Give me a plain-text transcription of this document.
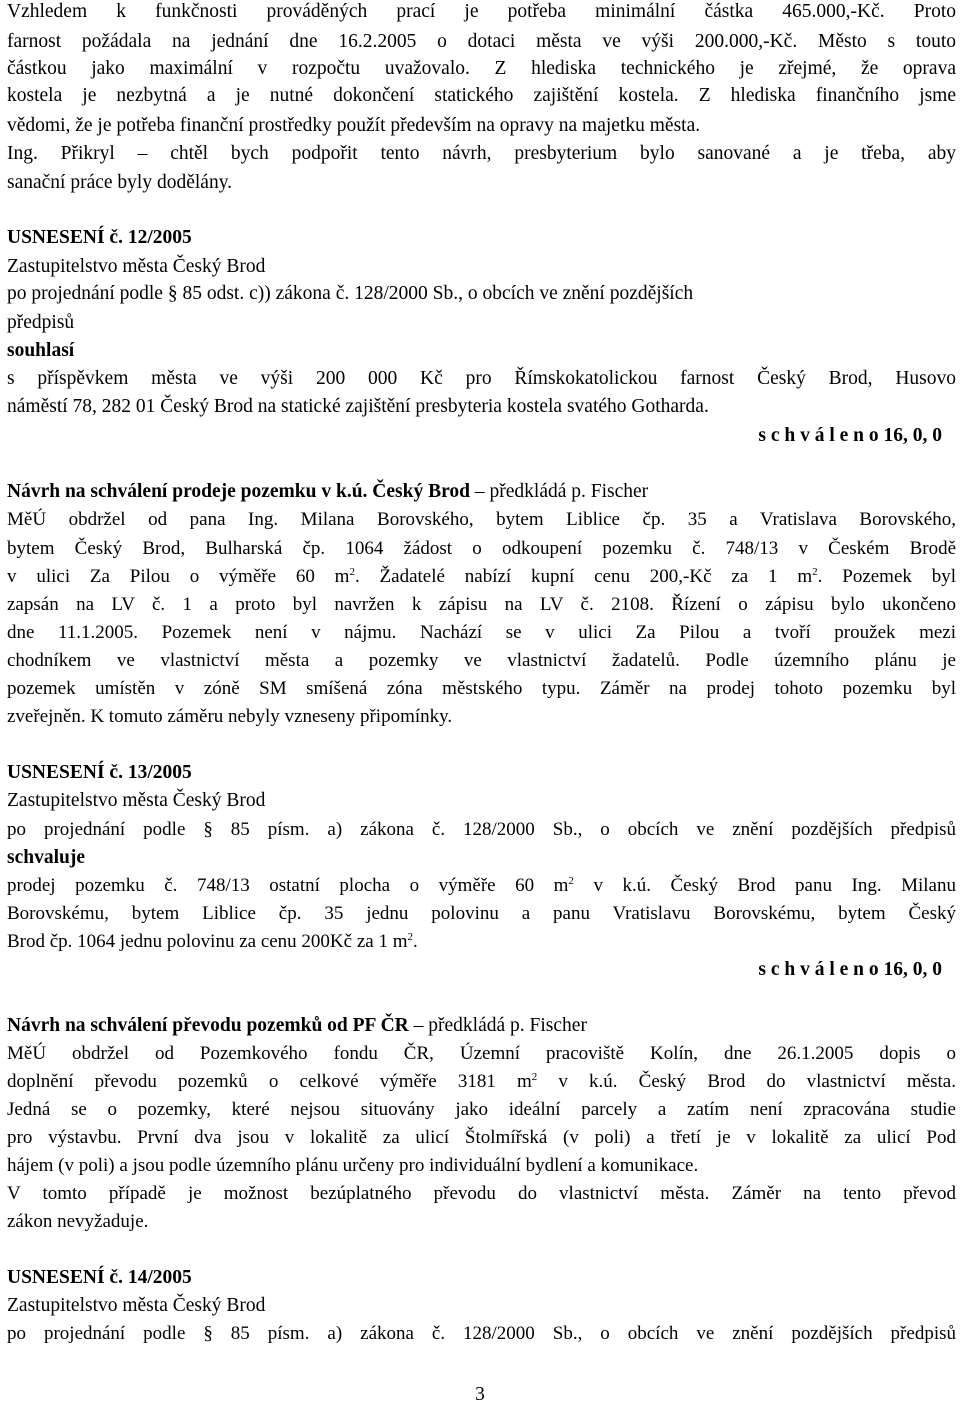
Vzhledem k funkčnosti prováděných prací je potřeba minimální částka 465.000,-Kč. Proto
farnost požádala na jednání dne 16.2.2005 o dotaci města ve výši 200.000,-Kč. Město s touto
částkou jako maximální v rozpočtu uvažovalo. Z hlediska technického je zřejmé, že oprava
kostela je nezbytná a je nutné dokončení statického zajištění kostela. Z hlediska finančního jsme
vědomi, že je potřeba finanční prostředky použít především na opravy na majetku města.
Ing. Přikryl – chtěl bych podpořit tento návrh, presbyterium bylo sanované a je třeba, aby
sanační práce byly dodělány.
USNESENÍ č. 12/2005
Zastupitelstvo města Český Brod
po projednání podle § 85 odst. c)) zákona č. 128/2000 Sb., o obcích ve znění pozdějších
předpisů
souhlasí
s příspěvkem města ve výši 200 000 Kč pro Římskokatolickou farnost Český Brod, Husovo
náměstí 78, 282 01 Český Brod na statické zajištění presbyteria kostela svatého Gotharda.
s c h v á l e n o 16, 0, 0
Návrh na schválení prodeje pozemku v k.ú. Český Brod – předkládá p. Fischer
MěÚ obdržel od pana Ing. Milana Borovského, bytem Liblice čp. 35 a Vratislava Borovského,
bytem Český Brod, Bulharská čp. 1064 žádost o odkoupení pozemku č. 748/13 v Českém Brodě
v ulici Za Pilou o výměře 60 $m^2$. Žadatelé nabízí kupní cenu 200,-Kč za 1 $m^2$. Pozemek byl
zapsán na LV č. 1 a proto byl navržen k zápisu na LV č. 2108. Řízení o zápisu bylo ukončeno
dne 11.1.2005. Pozemek není v nájmu. Nachází se v ulici Za Pilou a tvoří proužek mezi
chodníkem ve vlastnictví města a pozemky ve vlastnictví žadatelů. Podle územního plánu je
pozemek umístěn v zóně SM smíšená zóna městského typu. Záměr na prodej tohoto pozemku byl
zveřejněn. K tomuto záměru nebyly vzneseny připomínky.
USNESENÍ č. 13/2005
Zastupitelstvo města Český Brod
po projednání podle § 85 písm. a) zákona č. 128/2000 Sb., o obcích ve znění pozdějších předpisů
schvaluje
prodej pozemku č. 748/13 ostatní plocha o výměře 60 $m^2$ v k.ú. Český Brod panu Ing. Milanu
Borovskému, bytem Liblice čp. 35 jednu polovinu a panu Vratislavu Borovskému, bytem Český
Brod čp. 1064 jednu polovinu za cenu 200Kč za 1 $m^2$.
s c h v á l e n o 16, 0, 0
Návrh na schválení převodu pozemků od PF ČR – předkládá p. Fischer
MěÚ obdržel od Pozemkového fondu ČR, Územní pracoviště Kolín, dne 26.1.2005 dopis o
doplnění převodu pozemků o celkové výměře 3181 $m^2$ v k.ú. Český Brod do vlastnictví města.
Jedná se o pozemky, které nejsou situovány jako ideální parcely a zatím není zpracována studie
pro výstavbu. První dva jsou v lokalitě za ulicí Štolmířská (v poli) a třetí je v lokalitě za ulicí Pod
hájem (v poli) a jsou podle územního plánu určeny pro individuální bydlení a komunikace.
V tomto případě je možnost bezúplatného převodu do vlastnictví města. Záměr na tento převod
zákon nevyžaduje.
USNESENÍ č. 14/2005
Zastupitelstvo města Český Brod
po projednání podle § 85 písm. a) zákona č. 128/2000 Sb., o obcích ve znění pozdějších předpisů
3
